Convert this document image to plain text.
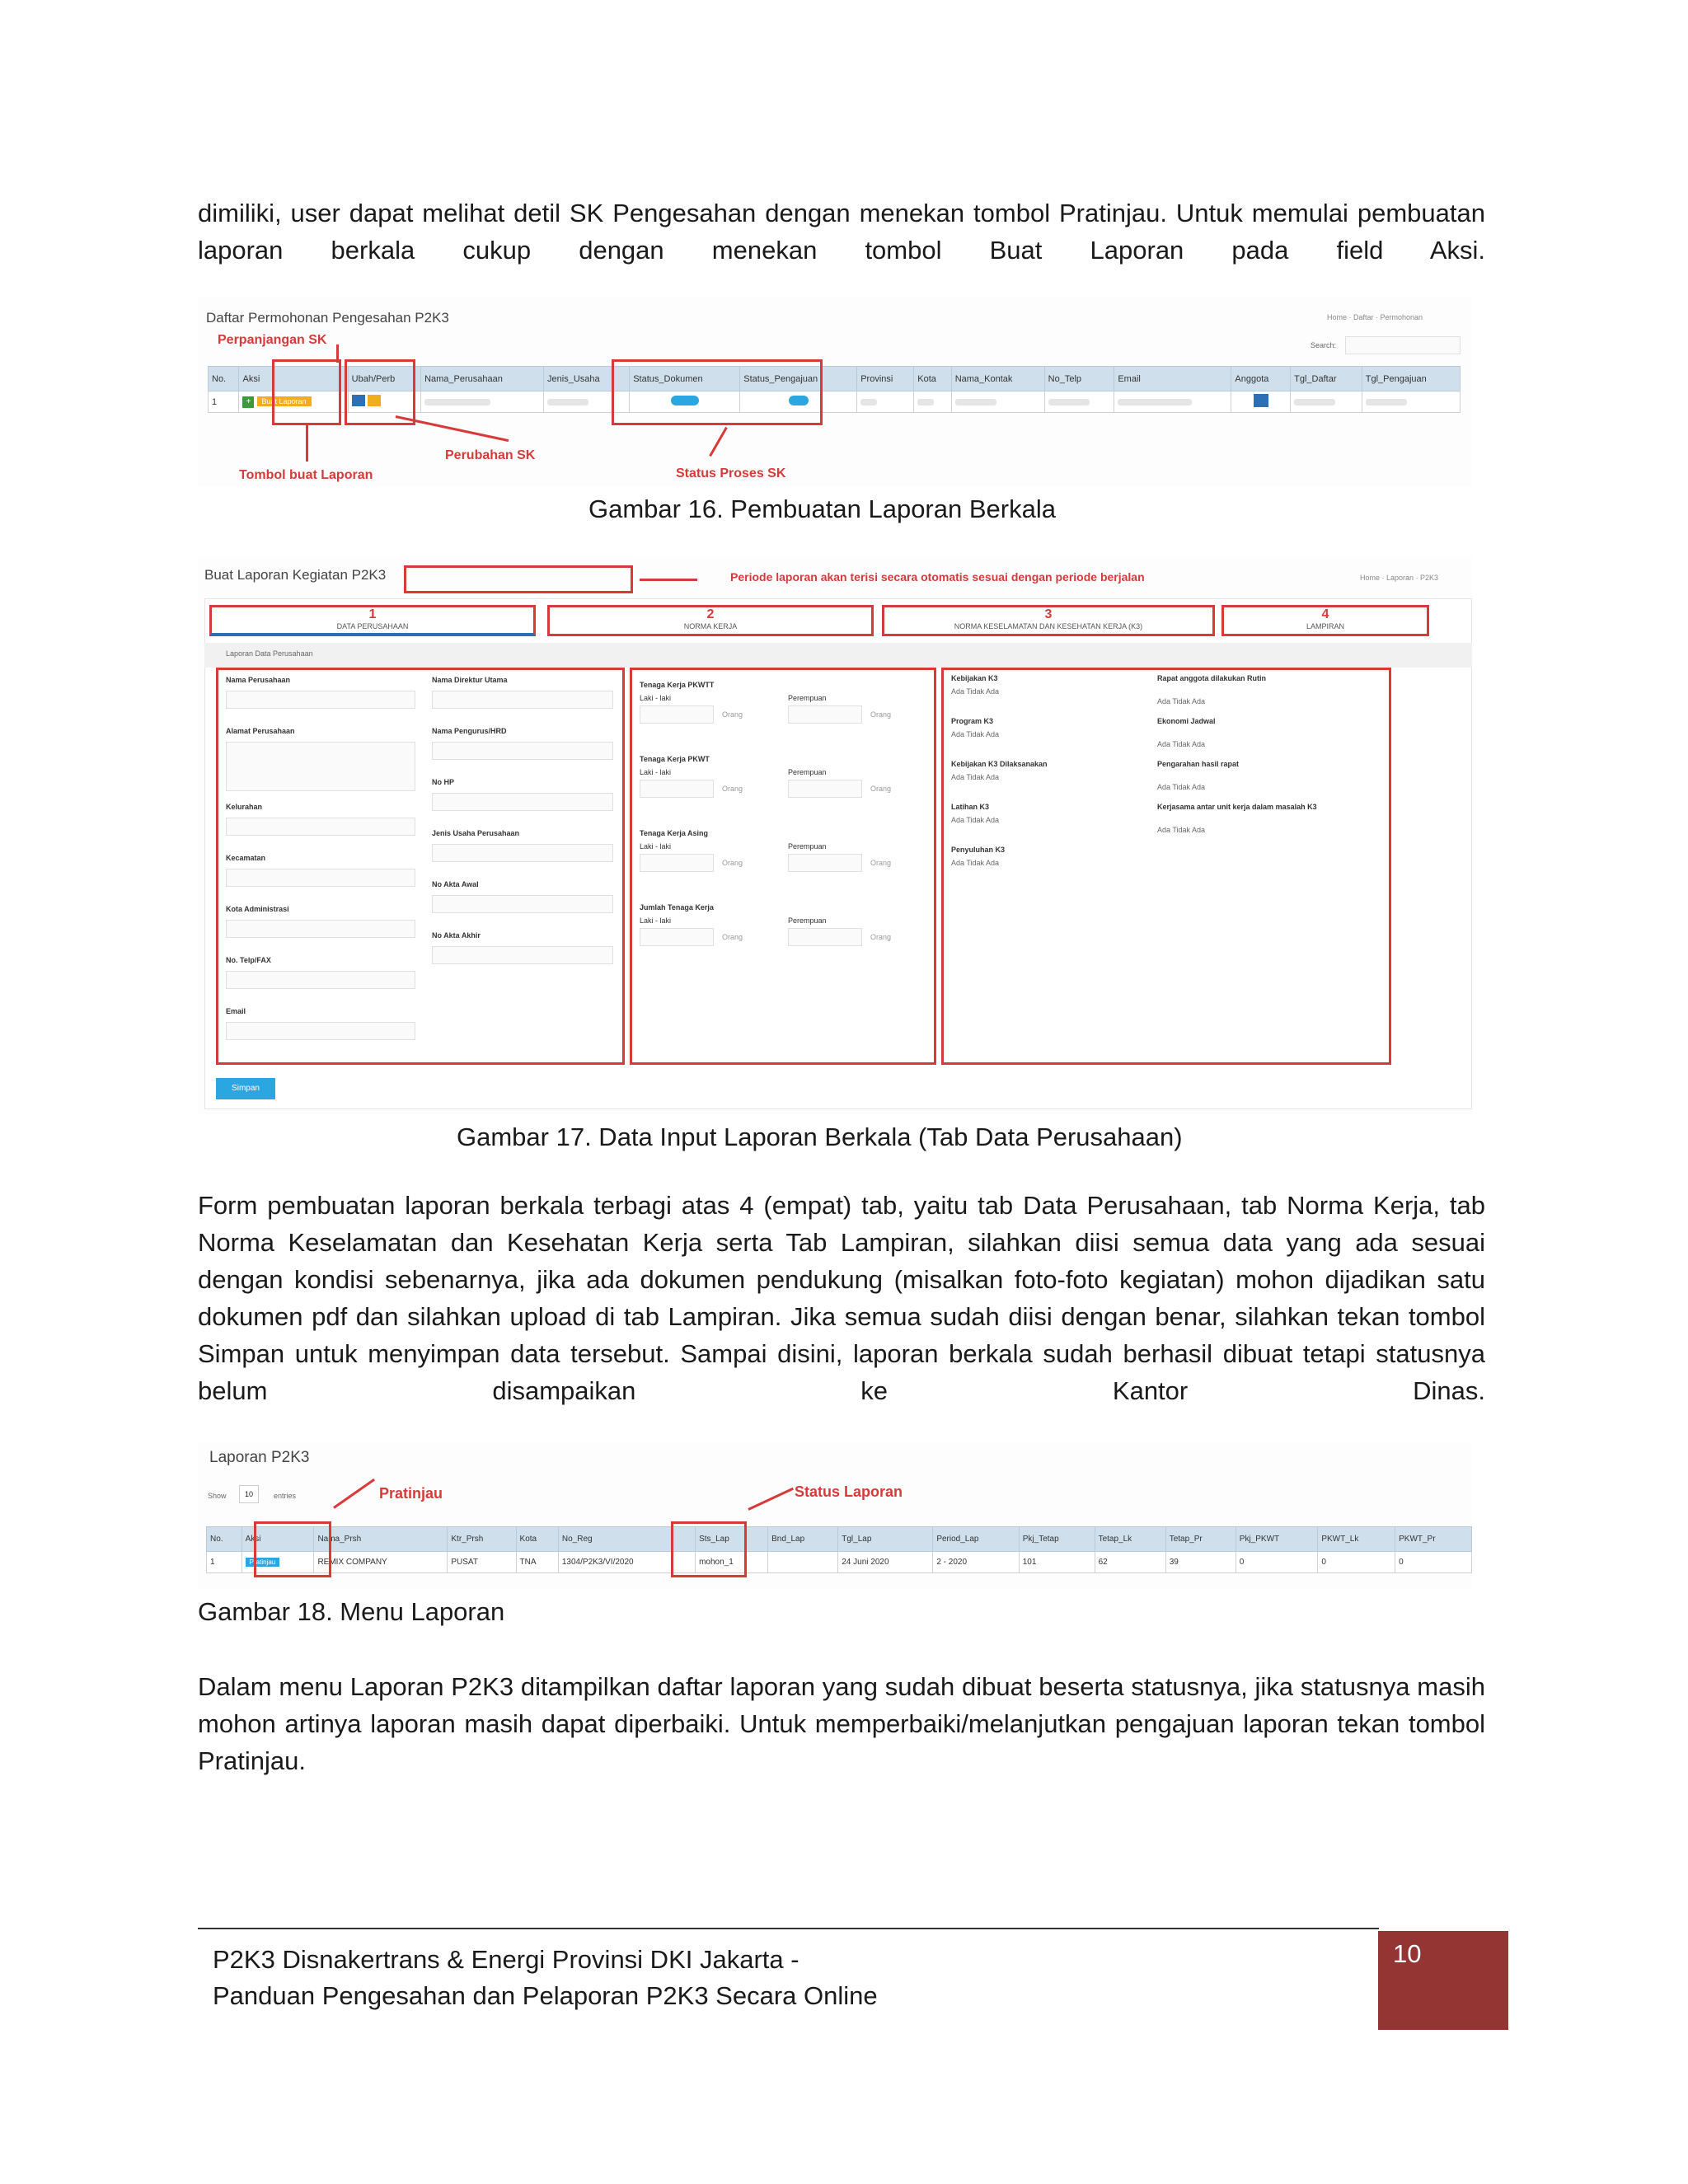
dimiliki, user dapat melihat detil SK Pengesahan dengan menekan tombol Pratinjau. Untuk memulai pembuatan laporan berkala cukup dengan menekan tombol Buat Laporan pada field Aksi.

Daftar Permohonan Pengesahan P2K3	Home · Daftar · Permohonan
Search:
Perpanjangan SK
No.	Aksi	Ubah/Perb	Nama_Perusahaan	Jenis_Usaha	Status_Dokumen	Status_Pengajuan	Provinsi	Kota	Nama_Kontak	No_Telp	Email	Anggota	Tgl_Daftar	Tgl_Pengajuan
1	+ Buat Laporan													
Tombol buat Laporan
Perubahan SK
Status Proses SK
Gambar 16. Pembuatan Laporan Berkala
Buat Laporan Kegiatan P2K3	Periode laporan akan terisi secara otomatis sesuai dengan periode berjalan	Home · Laporan · P2K3
1
DATA PERUSAHAAN
2
NORMA KERJA
3
NORMA KESELAMATAN DAN KESEHATAN KERJA (K3)
4
LAMPIRAN
Laporan Data Perusahaan
Nama Perusahaan
Alamat Perusahaan
Kelurahan
Kecamatan
Kota Administrasi
No. Telp/FAX
Email
Nama Direktur Utama
Nama Pengurus/HRD
No HP
Jenis Usaha Perusahaan
No Akta Awal
No Akta Akhir
Tenaga Kerja PKWTT
Laki - laki
Orang
Perempuan
Orang
Tenaga Kerja PKWT
Laki - laki
Orang
Perempuan
Orang
Tenaga Kerja Asing
Laki - laki
Orang
Perempuan
Orang
Jumlah Tenaga Kerja
Laki - laki
Orang
Perempuan
Orang
Kebijakan K3
Ada Tidak Ada
Program K3
Ada Tidak Ada
Kebijakan K3 Dilaksanakan
Ada Tidak Ada
Latihan K3
Ada Tidak Ada
Penyuluhan K3
Ada Tidak Ada
Rapat anggota dilakukan Rutin
Ada Tidak Ada
Ekonomi Jadwal
Ada Tidak Ada
Pengarahan hasil rapat
Ada Tidak Ada
Kerjasama antar unit kerja dalam masalah K3
Ada Tidak Ada
Simpan
Gambar 17. Data Input Laporan Berkala (Tab Data Perusahaan)

Form pembuatan laporan berkala terbagi atas 4 (empat) tab, yaitu tab Data Perusahaan, tab Norma Kerja, tab Norma Keselamatan dan Kesehatan Kerja serta Tab Lampiran, silahkan diisi semua data yang ada sesuai dengan kondisi sebenarnya, jika ada dokumen pendukung (misalkan foto-foto kegiatan) mohon dijadikan satu dokumen pdf dan silahkan upload di tab Lampiran. Jika semua sudah diisi dengan benar, silahkan tekan tombol Simpan untuk menyimpan data tersebut. Sampai disini, laporan berkala sudah berhasil dibuat tetapi statusnya belum disampaikan ke Kantor Dinas.

Laporan P2K3
Show	10	entries	Pratinjau	Status Laporan
No.	Aksi	Nama_Prsh	Ktr_Prsh	Kota	No_Reg	Sts_Lap	Bnd_Lap	Tgl_Lap	Period_Lap	Pkj_Tetap	Tetap_Lk	Tetap_Pr	Pkj_PKWT	PKWT_Lk	PKWT_Pr
1	Pratinjau	REMIX COMPANY	PUSAT	TNA	1304/P2K3/VI/2020	mohon_1		24 Juni 2020	2 - 2020	101	62	39	0	0	0
Gambar 18. Menu Laporan

Dalam menu Laporan P2K3 ditampilkan daftar laporan yang sudah dibuat beserta statusnya, jika statusnya masih mohon artinya laporan masih dapat diperbaiki. Untuk memperbaiki/melanjutkan pengajuan laporan tekan tombol Pratinjau.

P2K3 Disnakertrans & Energi Provinsi DKI Jakarta -
Panduan Pengesahan dan Pelaporan P2K3 Secara Online
10
